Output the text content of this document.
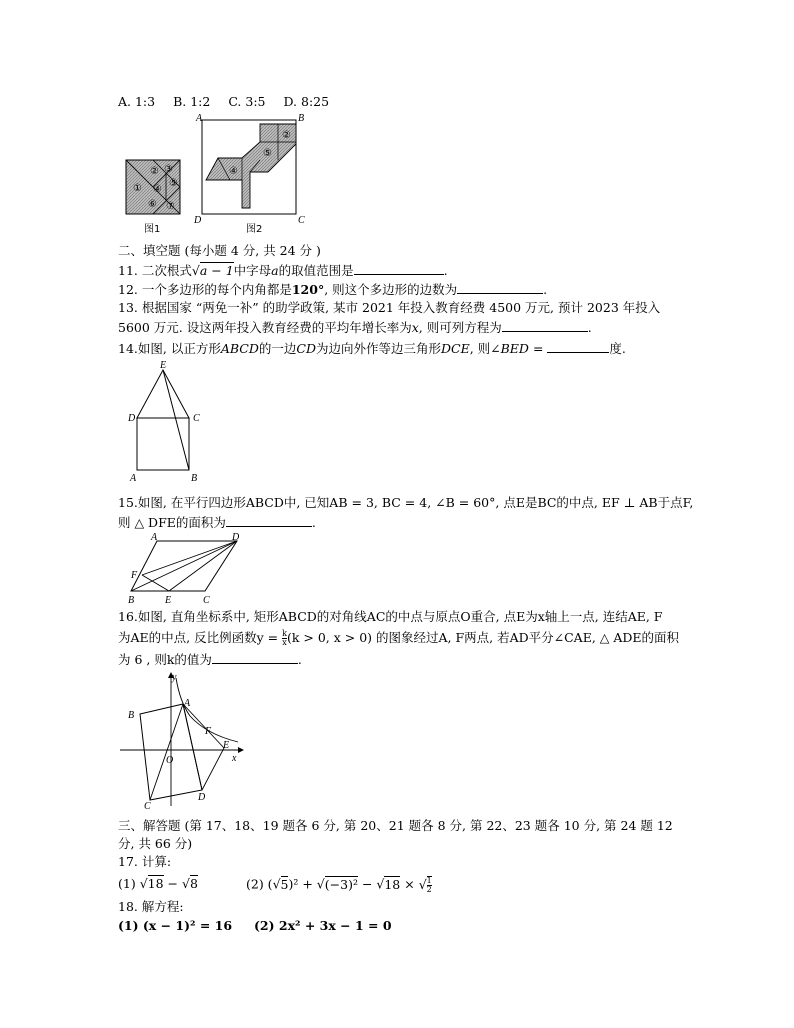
A. 1:3 B. 1:2 C. 3:5 D. 8:25
①
② ③
④
⑤
⑥ ⑦
图1
④
⑤
②
A	B
C
D
图2
二、填空题 (每小题 4 分, 共 24 分 )
11. 二次根式√a − 1中字母a的取值范围是	.
12. 一个多边形的每个内角都是120°, 则这个多边形的边数为	.
13. 根据国家 “两免一补” 的助学政策, 某市 2021 年投入教育经费 4500 万元, 预计 2023 年投入
5600 万元. 设这两年投入教育经费的平均年增长率为x, 则可列方程为	.
14.如图, 以正方形ABCD的一边CD为边向外作等边三角形DCE, 则∠BED =	度.
E
D	C
A	B
15.如图, 在平行四边形ABCD中, 已知AB = 3, BC = 4, ∠B = 60°, 点E是BC的中点, EF ⊥ AB于点F,
则 △ DFE的面积为	.
A	D
F
B	E	C
16.如图, 直角坐标系中, 矩形ABCD的对角线AC的中点与原点O重合, 点E为x轴上一点, 连结AE, F
为AE的中点, 反比例函数$y = \frac{k}{x} (k > 0$, x > 0) 的图象经过A, F两点, 若AD平分∠CAE, △ ADE的面积
为 6 , 则k的值为	.
y
A
B
F
E
x
O
C
D
三、解答题 (第 17、18、19 题各 6 分, 第 20、21 题各 8 分, 第 22、23 题各 10 分, 第 24 题 12
分, 共 66 分)
17. 计算:
(1) √18 − √8	(2) (√5)² + √(−3)² − √18 × √ $\frac{1}{2}$
18. 解方程:
(1) (x − 1)² = 16 (2) 2x² + 3x − 1 = 0
